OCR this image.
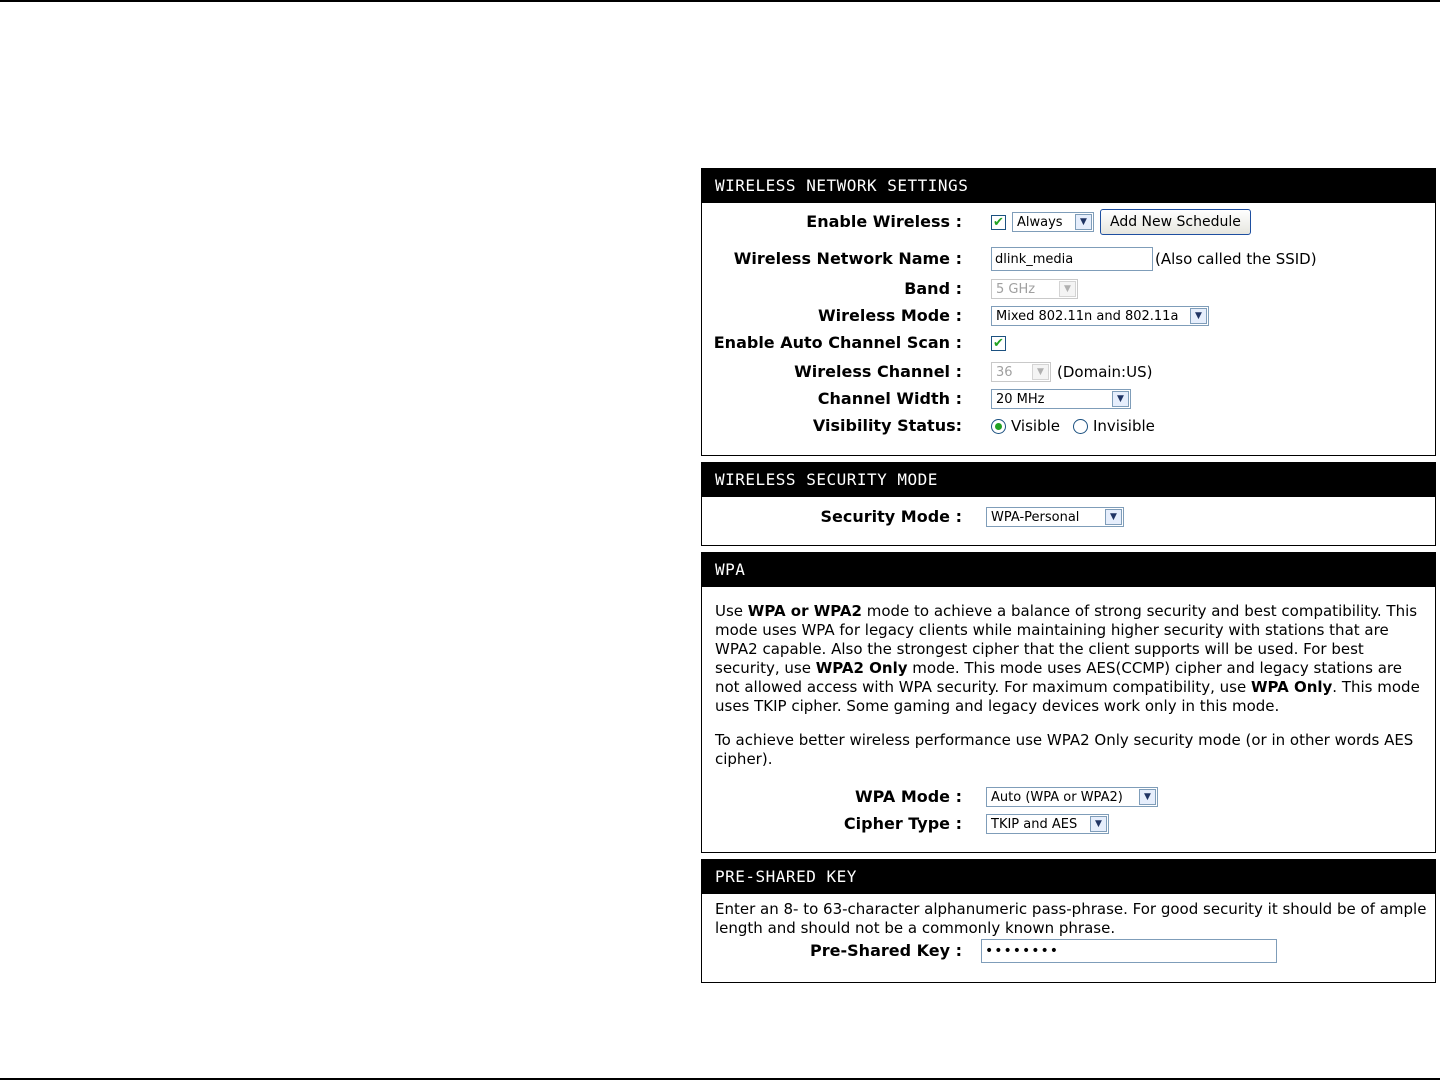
WIRELESS NETWORK SETTINGS
Enable Wireless : ✔ Always	▼	Add New Schedule
Wireless Network Name :	dlink_media	(Also called the SSID)
Band :	5 GHz	▼
Wireless Mode :	Mixed 802.11n and 802.11a	▼
Enable Auto Channel Scan : ✔
Wireless Channel :	36	▼ (Domain:US)
Channel Width :	20 MHz	▼
Visibility Status:	Visible Invisible
WIRELESS SECURITY MODE
Security Mode : WPA-Personal	▼
WPA
Use WPA or WPA2 mode to achieve a balance of strong security and best compatibility. This mode uses WPA for legacy clients while maintaining higher security with stations that are WPA2 capable. Also the strongest cipher that the client supports will be used. For best security, use WPA2 Only mode. This mode uses AES(CCMP) cipher and legacy stations are not allowed access with WPA security. For maximum compatibility, use WPA Only. This mode uses TKIP cipher. Some gaming and legacy devices work only in this mode.
To achieve better wireless performance use WPA2 Only security mode (or in other words AES cipher).
WPA Mode : Auto (WPA or WPA2)	▼
Cipher Type : TKIP and AES	▼
PRE-SHARED KEY
Enter an 8- to 63-character alphanumeric pass-phrase. For good security it should be of ample length and should not be a commonly known phrase.
Pre-Shared Key : ••••••••
